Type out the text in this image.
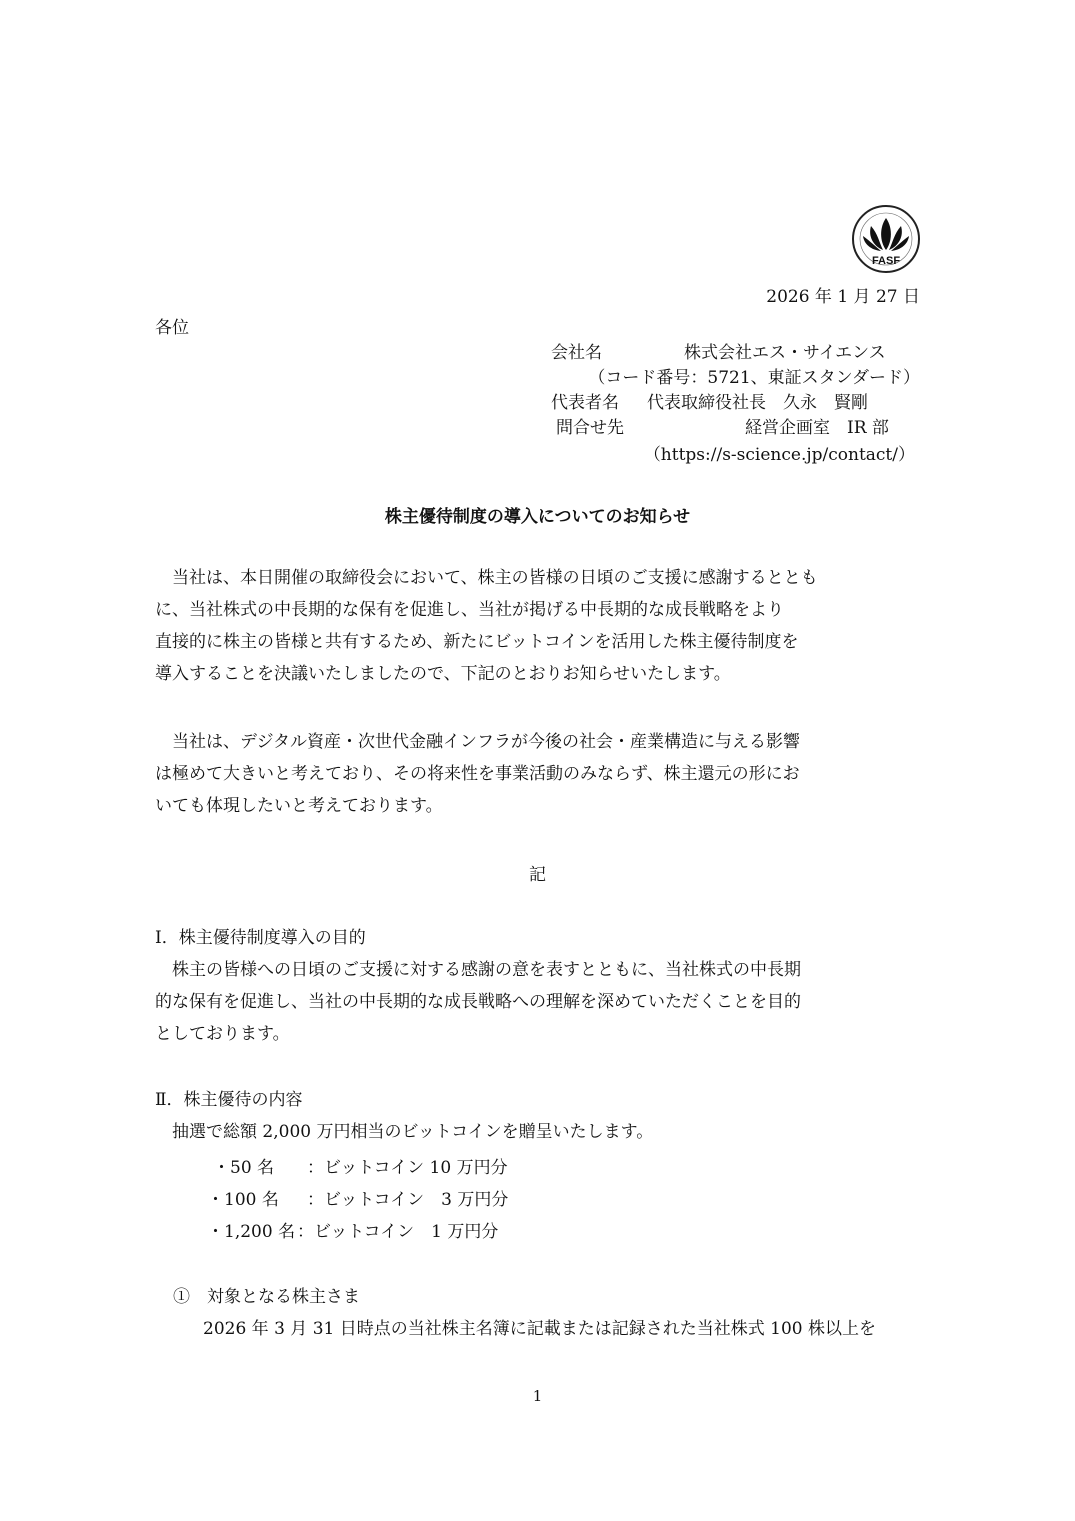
FASF
2026 年 1 月 27 日
各位
会社名	株式会社エス・サイエンス
（コード番号：5721、東証スタンダード）
代表者名 代表取締役社長　久永　賢剛
問合せ先	経営企画室　IR 部
（https://s-science.jp/contact/）
株主優待制度の導入についてのお知らせ
　当社は、本日開催の取締役会において、株主の皆様の日頃のご支援に感謝するととも
に、当社株式の中長期的な保有を促進し、当社が掲げる中長期的な成長戦略をより
直接的に株主の皆様と共有するため、新たにビットコインを活用した株主優待制度を
導入することを決議いたしましたので、下記のとおりお知らせいたします。
　当社は、デジタル資産・次世代金融インフラが今後の社会・産業構造に与える影響
は極めて大きいと考えており、その将来性を事業活動のみならず、株主還元の形にお
いても体現したいと考えております。
記
Ⅰ．株主優待制度導入の目的
　株主の皆様への日頃のご支援に対する感謝の意を表すとともに、当社株式の中長期
的な保有を促進し、当社の中長期的な成長戦略への理解を深めていただくことを目的
としております。
Ⅱ．株主優待の内容
　抽選で総額 2,000 万円相当のビットコインを贈呈いたします。
・50 名 ：ビットコイン 10 万円分
・100 名 ：ビットコイン　3 万円分
・1,200 名 ：ビットコイン　1 万円分
①　対象となる株主さま
2026 年 3 月 31 日時点の当社株主名簿に記載または記録された当社株式 100 株以上を
1
